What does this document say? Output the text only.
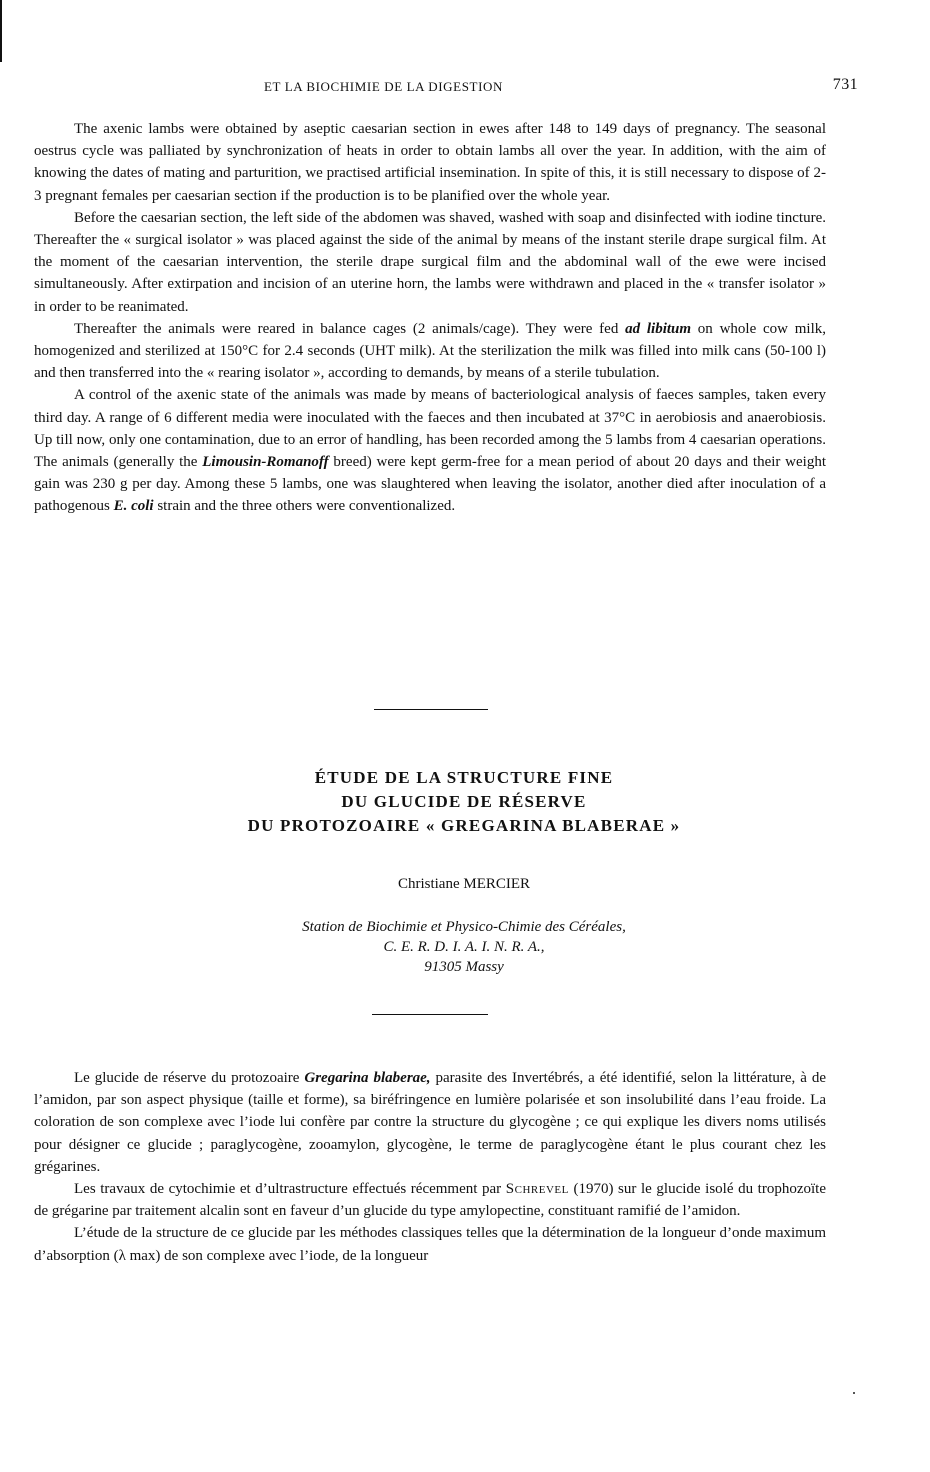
ET LA BIOCHIMIE DE LA DIGESTION	731

The axenic lambs were obtained by aseptic caesarian section in ewes after 148 to 149 days of pregnancy. The seasonal oestrus cycle was palliated by synchronization of heats in order to obtain lambs all over the year. In addition, with the aim of knowing the dates of mating and parturition, we practised artificial insemination. In spite of this, it is still necessary to dispose of 2-3 pregnant females per caesarian section if the production is to be planified over the whole year.

Before the caesarian section, the left side of the abdomen was shaved, washed with soap and disinfected with iodine tincture. Thereafter the « surgical isolator » was placed against the side of the animal by means of the instant sterile drape surgical film. At the moment of the caesarian intervention, the sterile drape surgical film and the abdominal wall of the ewe were incised simultaneously. After extirpation and incision of an uterine horn, the lambs were withdrawn and placed in the « transfer isolator » in order to be reanimated.

Thereafter the animals were reared in balance cages (2 animals/cage). They were fed ad libitum on whole cow milk, homogenized and sterilized at 150°C for 2.4 seconds (UHT milk). At the sterilization the milk was filled into milk cans (50-100 l) and then transferred into the « rearing isolator », according to demands, by means of a sterile tubulation.

A control of the axenic state of the animals was made by means of bacteriological analysis of faeces samples, taken every third day. A range of 6 different media were inoculated with the faeces and then incubated at 37°C in aerobiosis and anaerobiosis. Up till now, only one contamination, due to an error of handling, has been recorded among the 5 lambs from 4 caesarian operations. The animals (generally the Limousin-Romanoff breed) were kept germ-free for a mean period of about 20 days and their weight gain was 230 g per day. Among these 5 lambs, one was slaughtered when leaving the isolator, another died after inoculation of a pathogenous E. coli strain and the three others were conventionalized.

ÉTUDE DE LA STRUCTURE FINE
DU GLUCIDE DE RÉSERVE
DU PROTOZOAIRE « GREGARINA BLABERAE »
Christiane MERCIER
Station de Biochimie et Physico-Chimie des Céréales,
C. E. R. D. I. A. I. N. R. A.,
91305 Massy

Le glucide de réserve du protozoaire Gregarina blaberae, parasite des Invertébrés, a été identifié, selon la littérature, à de l’amidon, par son aspect physique (taille et forme), sa biréfringence en lumière polarisée et son insolubilité dans l’eau froide. La coloration de son complexe avec l’iode lui confère par contre la structure du glycogène ; ce qui explique les divers noms utilisés pour désigner ce glucide ; paraglycogène, zooamylon, glycogène, le terme de paraglycogène étant le plus courant chez les grégarines.

Les travaux de cytochimie et d’ultrastructure effectués récemment par Schrevel (1970) sur le glucide isolé du trophozoïte de grégarine par traitement alcalin sont en faveur d’un glucide du type amylopectine, constituant ramifié de l’amidon.

L’étude de la structure de ce glucide par les méthodes classiques telles que la détermination de la longueur d’onde maximum d’absorption (λ max) de son complexe avec l’iode, de la longueur
